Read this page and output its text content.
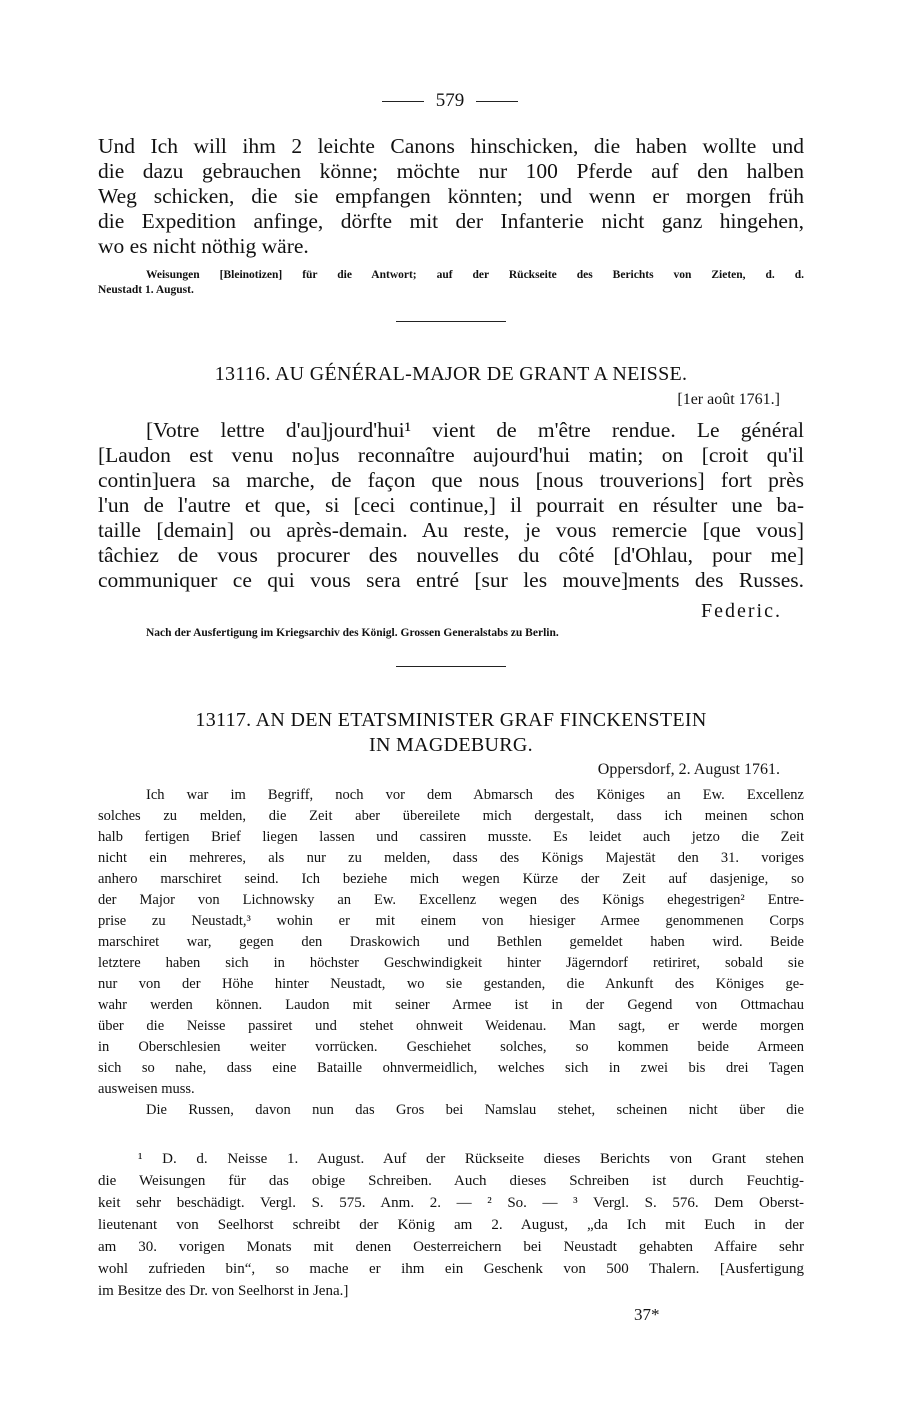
579
Und Ich will ihm 2 leichte Canons hinschicken, die haben wollte und
die dazu gebrauchen könne; möchte nur 100 Pferde auf den halben
Weg schicken, die sie empfangen könnten; und wenn er morgen früh
die Expedition anfinge, dörfte mit der Infanterie nicht ganz hingehen,
wo es nicht nöthig wäre.
Weisungen [Bleinotizen] für die Antwort; auf der Rückseite des Berichts von Zieten, d. d.
Neustadt 1. August.
13116. AU GÉNÉRAL-MAJOR DE GRANT A NEISSE.
[1er août 1761.]
[Votre lettre d'au]jourd'hui¹ vient de m'être rendue. Le général
[Laudon est venu no]us reconnaître aujourd'hui matin; on [croit qu'il
contin]uera sa marche, de façon que nous [nous trouverions] fort près
l'un de l'autre et que, si [ceci continue,] il pourrait en résulter une ba-
taille [demain] ou après-demain. Au reste, je vous remercie [que vous]
tâchiez de vous procurer des nouvelles du côté [d'Ohlau, pour me]
communiquer ce qui vous sera entré [sur les mouve]ments des Russes.
Federic.
Nach der Ausfertigung im Kriegsarchiv des Königl. Grossen Generalstabs zu Berlin.
13117. AN DEN ETATSMINISTER GRAF FINCKENSTEIN
IN MAGDEBURG.
Oppersdorf, 2. August 1761.
Ich war im Begriff, noch vor dem Abmarsch des Königes an Ew. Excellenz
solches zu melden, die Zeit aber übereilete mich dergestalt, dass ich meinen schon
halb fertigen Brief liegen lassen und cassiren musste. Es leidet auch jetzo die Zeit
nicht ein mehreres, als nur zu melden, dass des Königs Majestät den 31. voriges
anhero marschiret seind. Ich beziehe mich wegen Kürze der Zeit auf dasjenige, so
der Major von Lichnowsky an Ew. Excellenz wegen des Königs ehegestrigen² Entre-
prise zu Neustadt,³ wohin er mit einem von hiesiger Armee genommenen Corps
marschiret war, gegen den Draskowich und Bethlen gemeldet haben wird. Beide
letztere haben sich in höchster Geschwindigkeit hinter Jägerndorf retiriret, sobald sie
nur von der Höhe hinter Neustadt, wo sie gestanden, die Ankunft des Königes ge-
wahr werden können. Laudon mit seiner Armee ist in der Gegend von Ottmachau
über die Neisse passiret und stehet ohnweit Weidenau. Man sagt, er werde morgen
in Oberschlesien weiter vorrücken. Geschiehet solches, so kommen beide Armeen
sich so nahe, dass eine Bataille ohnvermeidlich, welches sich in zwei bis drei Tagen
ausweisen muss.
Die Russen, davon nun das Gros bei Namslau stehet, scheinen nicht über die
¹ D. d. Neisse 1. August. Auf der Rückseite dieses Berichts von Grant stehen
die Weisungen für das obige Schreiben. Auch dieses Schreiben ist durch Feuchtig-
keit sehr beschädigt. Vergl. S. 575. Anm. 2. — ² So. — ³ Vergl. S. 576. Dem Oberst-
lieutenant von Seelhorst schreibt der König am 2. August, „da Ich mit Euch in der
am 30. vorigen Monats mit denen Oesterreichern bei Neustadt gehabten Affaire sehr
wohl zufrieden bin“, so mache er ihm ein Geschenk von 500 Thalern. [Ausfertigung
im Besitze des Dr. von Seelhorst in Jena.]
37*
